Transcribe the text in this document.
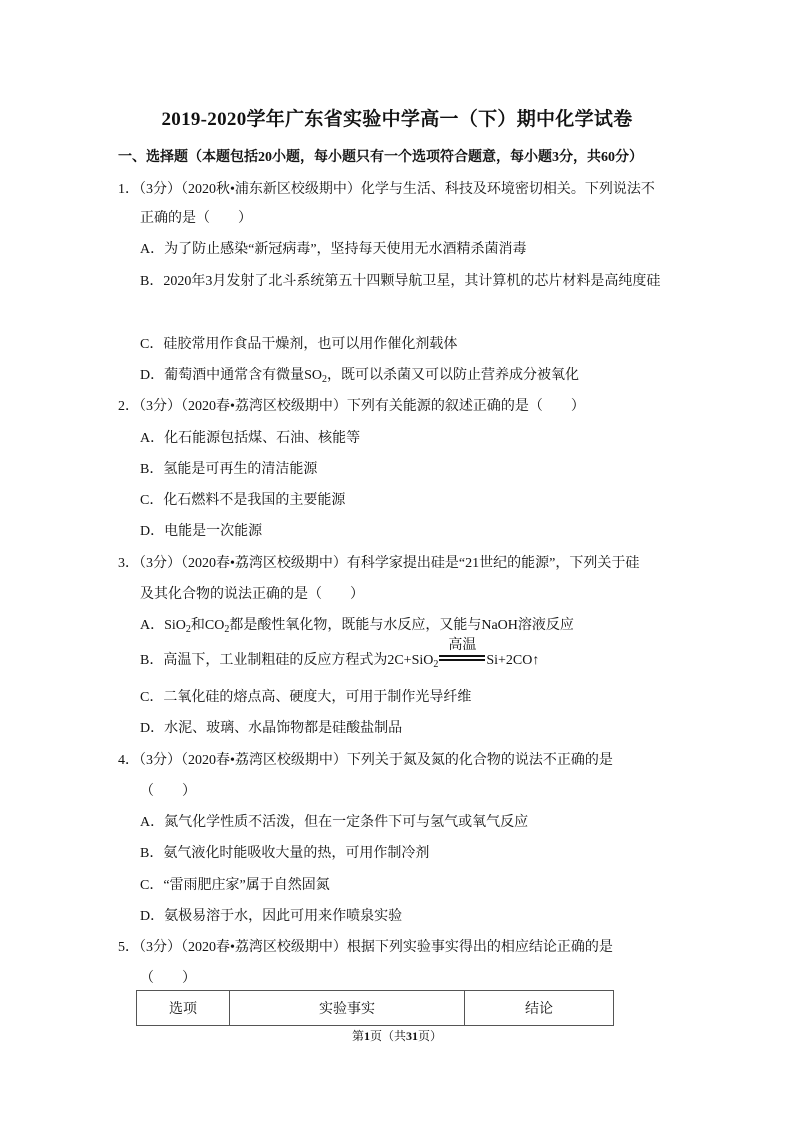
2019-2020学年广东省实验中学高一（下）期中化学试卷
一、选择题（本题包括20小题，每小题只有一个选项符合题意，每小题3分，共60分）
1．（3分）（2020秋•浦东新区校级期中）化学与生活、科技及环境密切相关。下列说法不
正确的是（　　）
A．为了防止感染“新冠病毒”，坚持每天使用无水酒精杀菌消毒
B．2020年3月发射了北斗系统第五十四颗导航卫星，其计算机的芯片材料是高纯度硅
C．硅胶常用作食品干燥剂，也可以用作催化剂载体
D．葡萄酒中通常含有微量$SO_2$，既可以杀菌又可以防止营养成分被氧化
2．（3分）（2020春•荔湾区校级期中）下列有关能源的叙述正确的是（　　）
A．化石能源包括煤、石油、核能等
B．氢能是可再生的清洁能源
C．化石燃料不是我国的主要能源
D．电能是一次能源
3．（3分）（2020春•荔湾区校级期中）有科学家提出硅是“21世纪的能源”，下列关于硅
及其化合物的说法正确的是（　　）
A．SiO$_2$和$CO_2$都是酸性氧化物，既能与水反应，又能与NaOH溶液反应
B．高温下，工业制粗硅的反应方程式为2C+SiO$_2$
高温
Si+2CO↑
C．二氧化硅的熔点高、硬度大，可用于制作光导纤维
D．水泥、玻璃、水晶饰物都是硅酸盐制品
4．（3分）（2020春•荔湾区校级期中）下列关于氮及氮的化合物的说法不正确的是
（　　）
A．氮气化学性质不活泼，但在一定条件下可与氢气或氧气反应
B．氨气液化时能吸收大量的热，可用作制冷剂
C．“雷雨肥庄家”属于自然固氮
D．氨极易溶于水，因此可用来作喷泉实验
5．（3分）（2020春•荔湾区校级期中）根据下列实验事实得出的相应结论正确的是
（　　）
选项	实验事实	结论
第1页（共31页）
